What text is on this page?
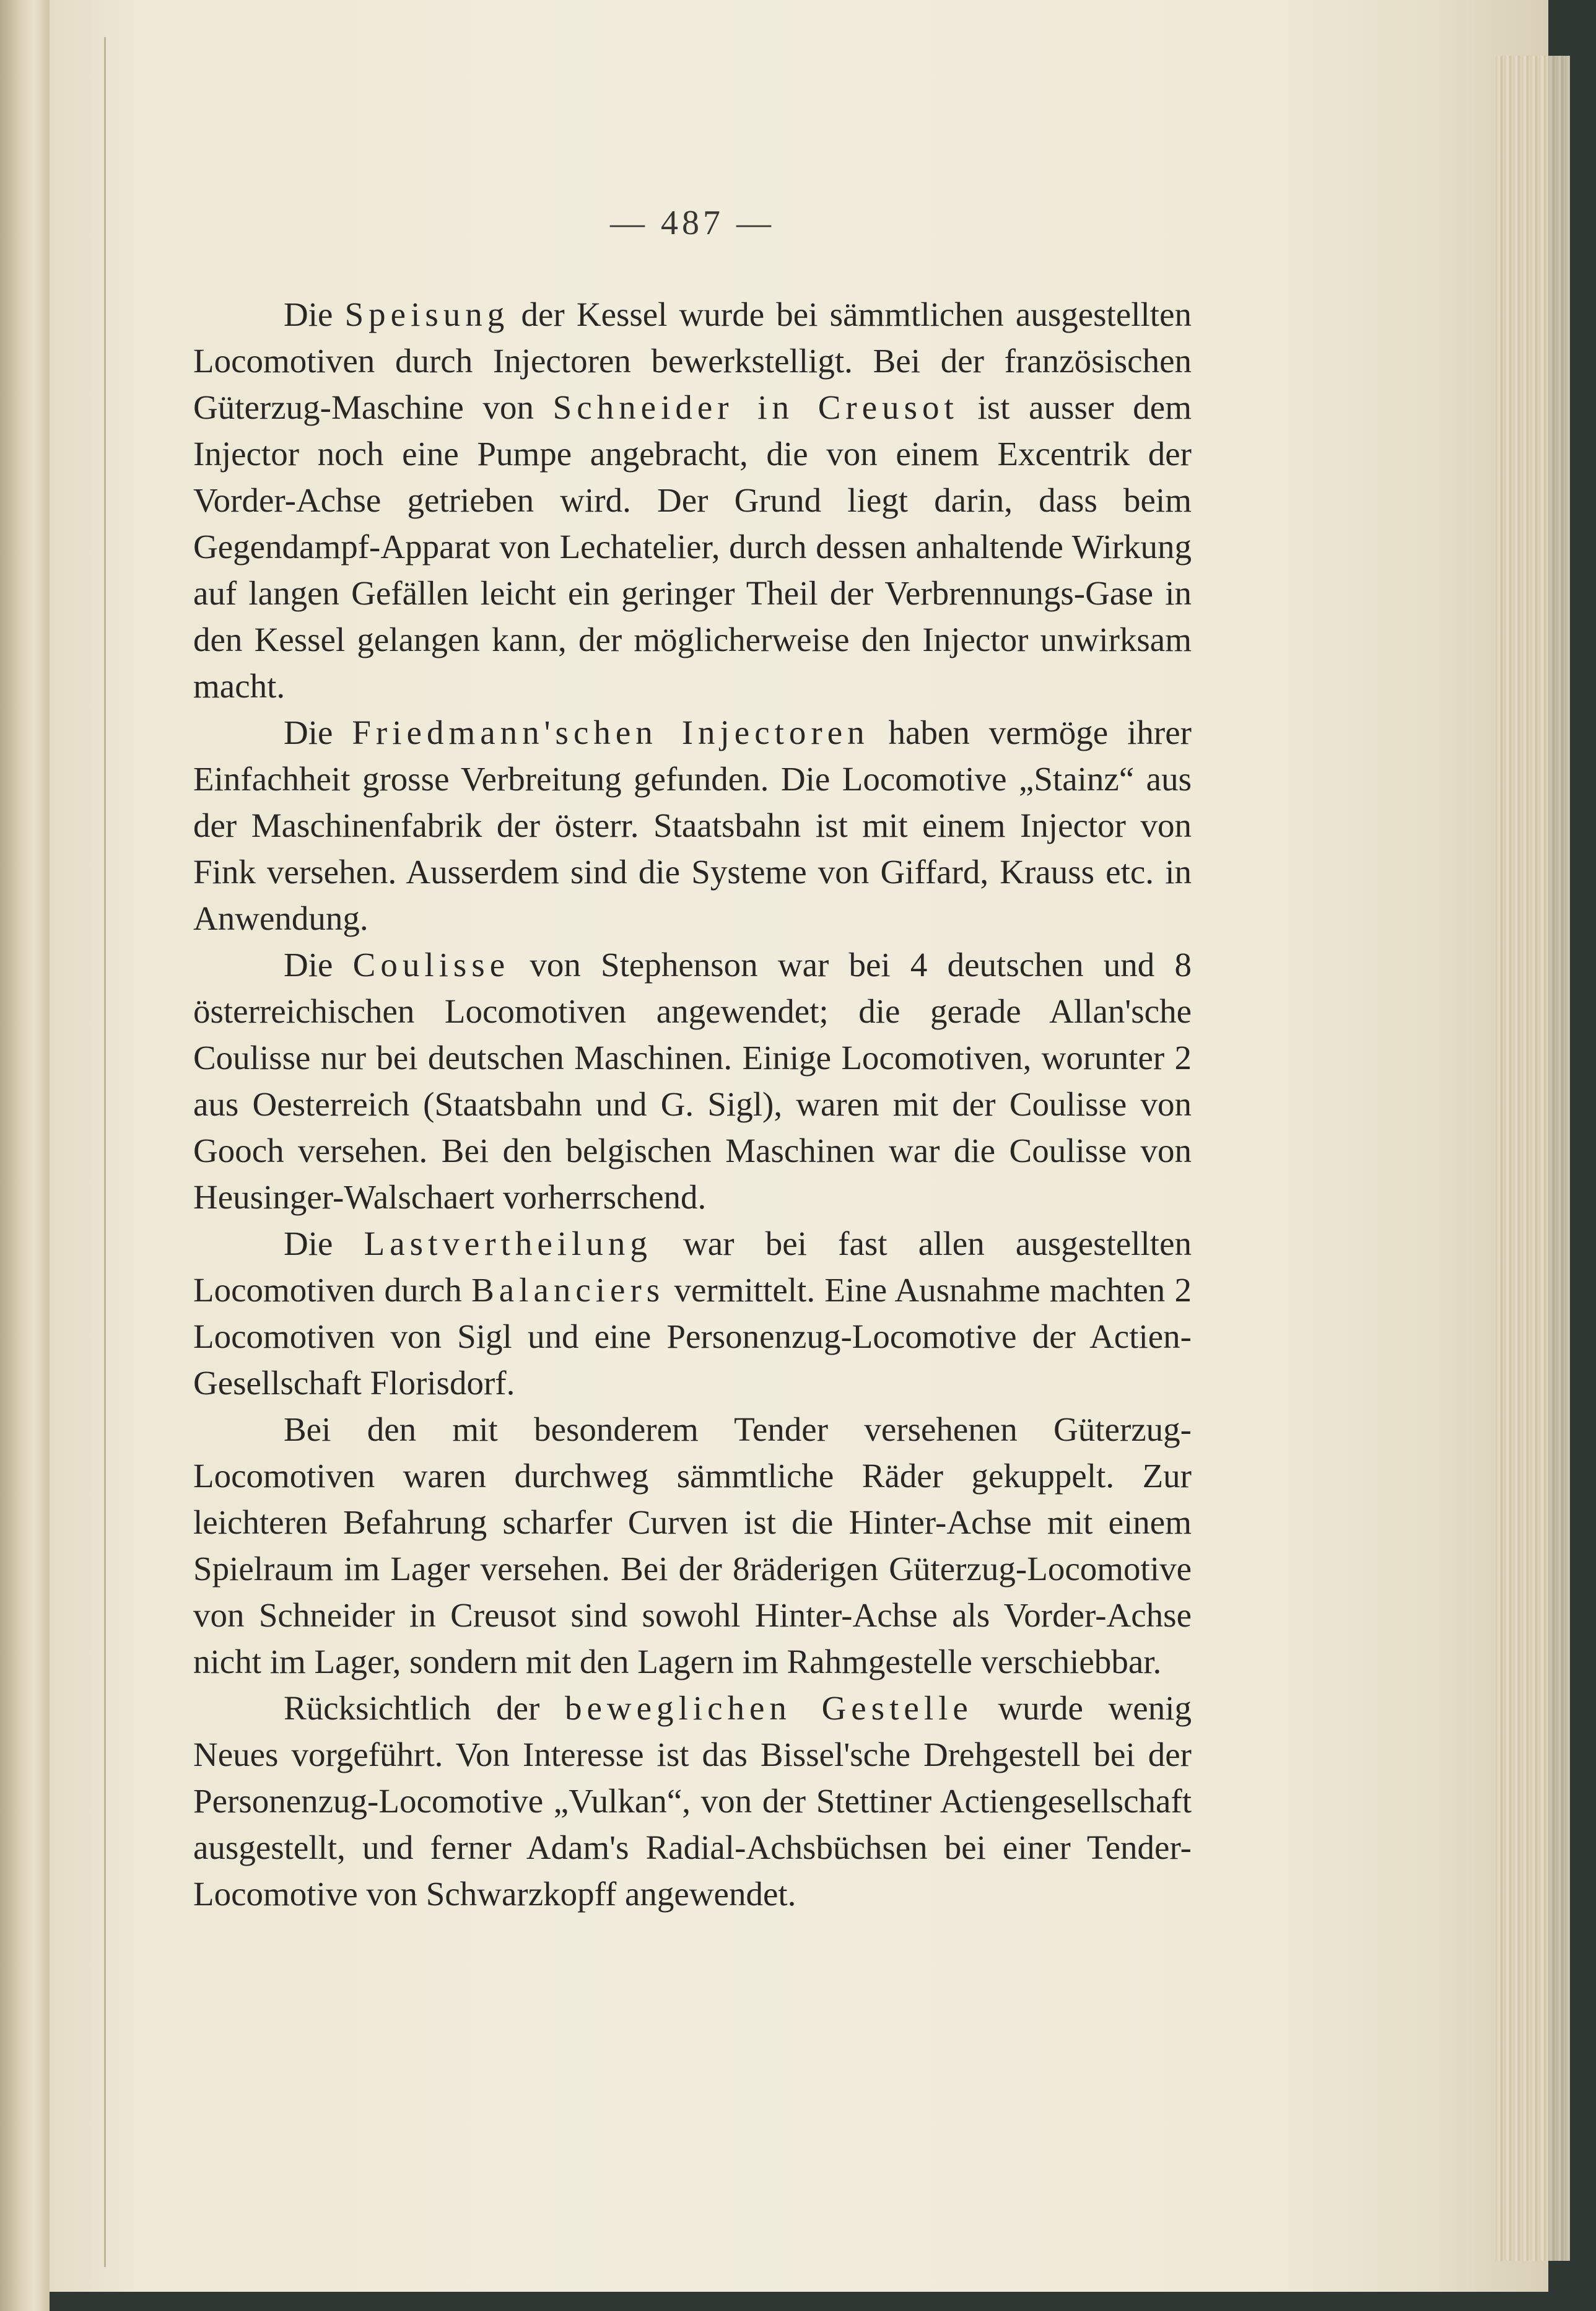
— 487 —

Die Speisung der Kessel wurde bei sämmtlichen ausgestellten Locomotiven durch Injectoren bewerkstelligt. Bei der französischen Güterzug-Maschine von Schneider in Creusot ist ausser dem Injector noch eine Pumpe angebracht, die von einem Excentrik der Vorder-Achse getrieben wird. Der Grund liegt darin, dass beim Gegendampf-Apparat von Lechatelier, durch dessen anhaltende Wirkung auf langen Gefällen leicht ein geringer Theil der Verbrennungs-Gase in den Kessel gelangen kann, der möglicherweise den Injector unwirksam macht.

Die Friedmann'schen Injectoren haben vermöge ihrer Einfachheit grosse Verbreitung gefunden. Die Locomotive „Stainz“ aus der Maschinenfabrik der österr. Staatsbahn ist mit einem Injector von Fink versehen. Ausserdem sind die Systeme von Giffard, Krauss etc. in Anwendung.

Die Coulisse von Stephenson war bei 4 deutschen und 8 österreichischen Locomotiven angewendet; die gerade Allan'sche Coulisse nur bei deutschen Maschinen. Einige Locomotiven, worunter 2 aus Oesterreich (Staatsbahn und G. Sigl), waren mit der Coulisse von Gooch versehen. Bei den belgischen Maschinen war die Coulisse von Heusinger-Walschaert vorherrschend.

Die Lastvertheilung war bei fast allen ausgestellten Locomotiven durch Balanciers vermittelt. Eine Ausnahme machten 2 Locomotiven von Sigl und eine Personenzug-Locomotive der Actien-Gesellschaft Florisdorf.

Bei den mit besonderem Tender versehenen Güterzug-Locomotiven waren durchweg sämmtliche Räder gekuppelt. Zur leichteren Befahrung scharfer Curven ist die Hinter-Achse mit einem Spielraum im Lager versehen. Bei der 8räderigen Güterzug-Locomotive von Schneider in Creusot sind sowohl Hinter-Achse als Vorder-Achse nicht im Lager, sondern mit den Lagern im Rahmgestelle verschiebbar.

Rücksichtlich der beweglichen Gestelle wurde wenig Neues vorgeführt. Von Interesse ist das Bissel'sche Drehgestell bei der Personenzug-Locomotive „Vulkan“, von der Stettiner Actiengesellschaft ausgestellt, und ferner Adam's Radial-Achsbüchsen bei einer Tender-Locomotive von Schwarzkopff angewendet.
